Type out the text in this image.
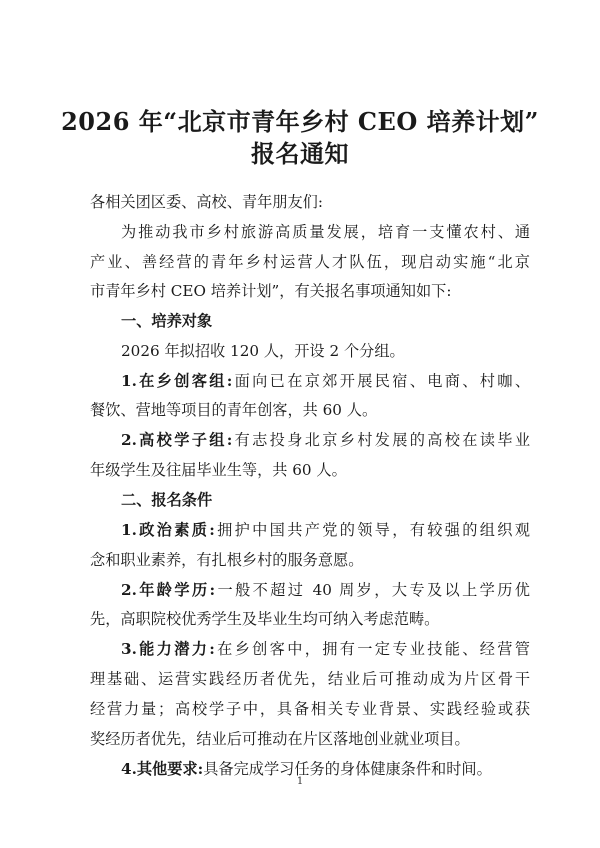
2026 年“北京市青年乡村 CEO 培养计划”
报名通知
各相关团区委、高校、青年朋友们:
为推动我市乡村旅游高质量发展，培育一支懂农村、通
产业、善经营的青年乡村运营人才队伍，现启动实施“北京
市青年乡村 CEO 培养计划”，有关报名事项通知如下:
一、培养对象
2026 年拟招收 120 人，开设 2 个分组。
1.在乡创客组:面向已在京郊开展民宿、电商、村咖、
餐饮、营地等项目的青年创客，共 60 人。
2.高校学子组:有志投身北京乡村发展的高校在读毕业
年级学生及往届毕业生等，共 60 人。
二、报名条件
1.政治素质:拥护中国共产党的领导，有较强的组织观
念和职业素养，有扎根乡村的服务意愿。
2.年龄学历:一般不超过 40 周岁，大专及以上学历优
先，高职院校优秀学生及毕业生均可纳入考虑范畴。
3.能力潜力:在乡创客中，拥有一定专业技能、经营管
理基础、运营实践经历者优先，结业后可推动成为片区骨干
经营力量；高校学子中，具备相关专业背景、实践经验或获
奖经历者优先，结业后可推动在片区落地创业就业项目。
4.其他要求:具备完成学习任务的身体健康条件和时间。
1
